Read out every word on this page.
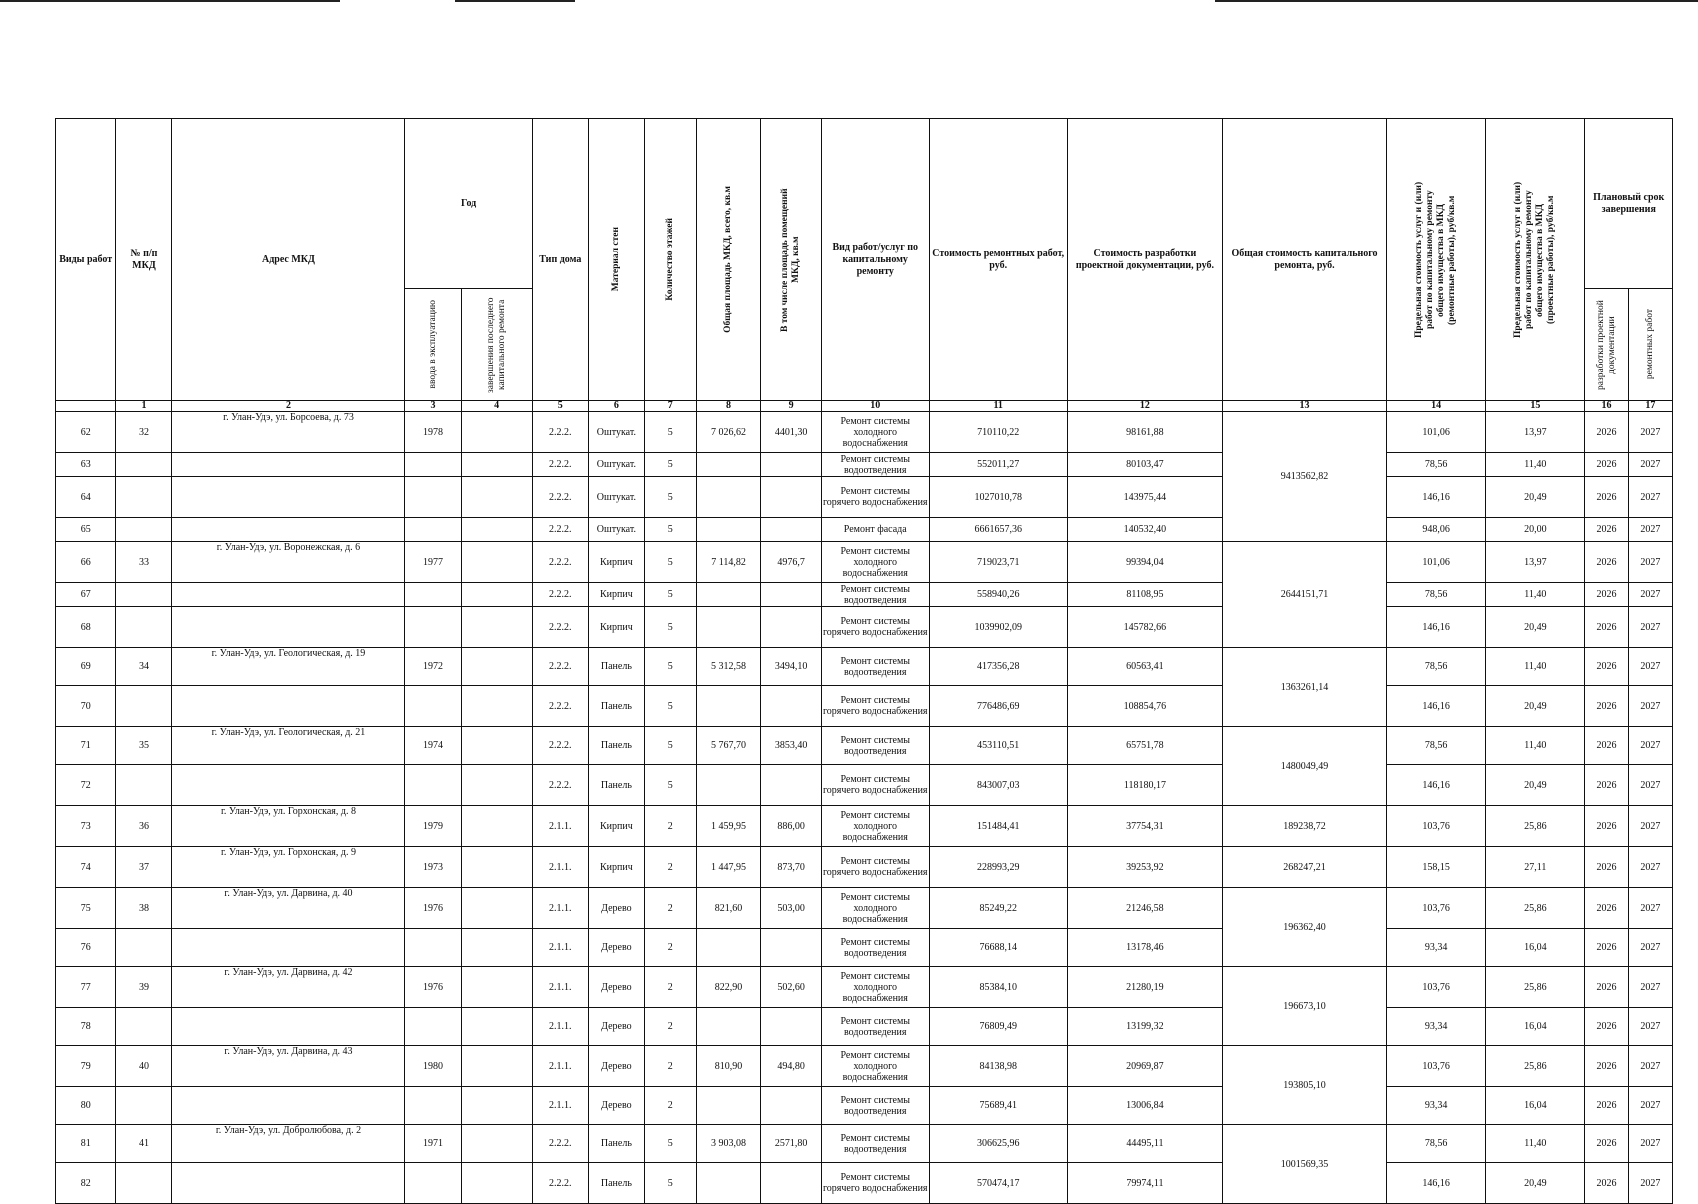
Виды работ	№ п/п МКД	Адрес МКД	Год		Тип дома	Материал стен	Количество этажей	Общая площадь МКД, всего, кв.м	В том числе площадь помещений МКД, кв.м	Вид работ/услуг по капитальному ремонту	Стоимость ремонтных работ, руб.	Стоимость разработки проектной документации, руб.	Общая стоимость капитального ремонта, руб.	Предельная стоимость услуг и (или) работ по капитальному ремонту общего имущества в МКД (ремонтные работы), руб/кв.м	Предельная стоимость услуг и (или) работ по капитальному ремонту общего имущества в МКД (проектные работы), руб/кв.м	Плановый срок завершения	

			ввода в эксплуатацию	завершения последнего капитального ремонта												разработки проектной документации	ремонтных работ

	1	2	3	4	5	6	7	8	9	10	11	12	13	14	15	16	17
62	32	г. Улан-Удэ, ул. Борсоева, д. 73	1978		2.2.2.	Оштукат.	5	7 026,62	4401,30	Ремонт системы холодного водоснабжения	710110,22	98161,88	9413562,82	101,06	13,97	2026	2027
63					2.2.2.	Оштукат.	5			Ремонт системы водоотведения	552011,27	80103,47		78,56	11,40	2026	2027
64					2.2.2.	Оштукат.	5			Ремонт системы горячего водоснабжения	1027010,78	143975,44		146,16	20,49	2026	2027
65					2.2.2.	Оштукат.	5			Ремонт фасада	6661657,36	140532,40		948,06	20,00	2026	2027
66	33	г. Улан-Удэ, ул. Воронежская, д. 6	1977		2.2.2.	Кирпич	5	7 114,82	4976,7	Ремонт системы холодного водоснабжения	719023,71	99394,04	2644151,71	101,06	13,97	2026	2027
67					2.2.2.	Кирпич	5			Ремонт системы водоотведения	558940,26	81108,95		78,56	11,40	2026	2027
68					2.2.2.	Кирпич	5			Ремонт системы горячего водоснабжения	1039902,09	145782,66		146,16	20,49	2026	2027
69	34	г. Улан-Удэ, ул. Геологическая, д. 19	1972		2.2.2.	Панель	5	5 312,58	3494,10	Ремонт системы водоотведения	417356,28	60563,41	1363261,14	78,56	11,40	2026	2027
70					2.2.2.	Панель	5			Ремонт системы горячего водоснабжения	776486,69	108854,76		146,16	20,49	2026	2027
71	35	г. Улан-Удэ, ул. Геологическая, д. 21	1974		2.2.2.	Панель	5	5 767,70	3853,40	Ремонт системы водоотведения	453110,51	65751,78	1480049,49	78,56	11,40	2026	2027
72					2.2.2.	Панель	5			Ремонт системы горячего водоснабжения	843007,03	118180,17		146,16	20,49	2026	2027
73	36	г. Улан-Удэ, ул. Горхонская, д. 8	1979		2.1.1.	Кирпич	2	1 459,95	886,00	Ремонт системы холодного водоснабжения	151484,41	37754,31	189238,72	103,76	25,86	2026	2027
74	37	г. Улан-Удэ, ул. Горхонская, д. 9	1973		2.1.1.	Кирпич	2	1 447,95	873,70	Ремонт системы горячего водоснабжения	228993,29	39253,92	268247,21	158,15	27,11	2026	2027
75	38	г. Улан-Удэ, ул. Дарвина, д. 40	1976		2.1.1.	Дерево	2	821,60	503,00	Ремонт системы холодного водоснабжения	85249,22	21246,58	196362,40	103,76	25,86	2026	2027
76					2.1.1.	Дерево	2			Ремонт системы водоотведения	76688,14	13178,46		93,34	16,04	2026	2027
77	39	г. Улан-Удэ, ул. Дарвина, д. 42	1976		2.1.1.	Дерево	2	822,90	502,60	Ремонт системы холодного водоснабжения	85384,10	21280,19	196673,10	103,76	25,86	2026	2027
78					2.1.1.	Дерево	2			Ремонт системы водоотведения	76809,49	13199,32		93,34	16,04	2026	2027
79	40	г. Улан-Удэ, ул. Дарвина, д. 43	1980		2.1.1.	Дерево	2	810,90	494,80	Ремонт системы холодного водоснабжения	84138,98	20969,87	193805,10	103,76	25,86	2026	2027
80					2.1.1.	Дерево	2			Ремонт системы водоотведения	75689,41	13006,84		93,34	16,04	2026	2027
81	41	г. Улан-Удэ, ул. Добролюбова, д. 2	1971		2.2.2.	Панель	5	3 903,08	2571,80	Ремонт системы водоотведения	306625,96	44495,11	1001569,35	78,56	11,40	2026	2027
82					2.2.2.	Панель	5			Ремонт системы горячего водоснабжения	570474,17	79974,11		146,16	20,49	2026	2027
